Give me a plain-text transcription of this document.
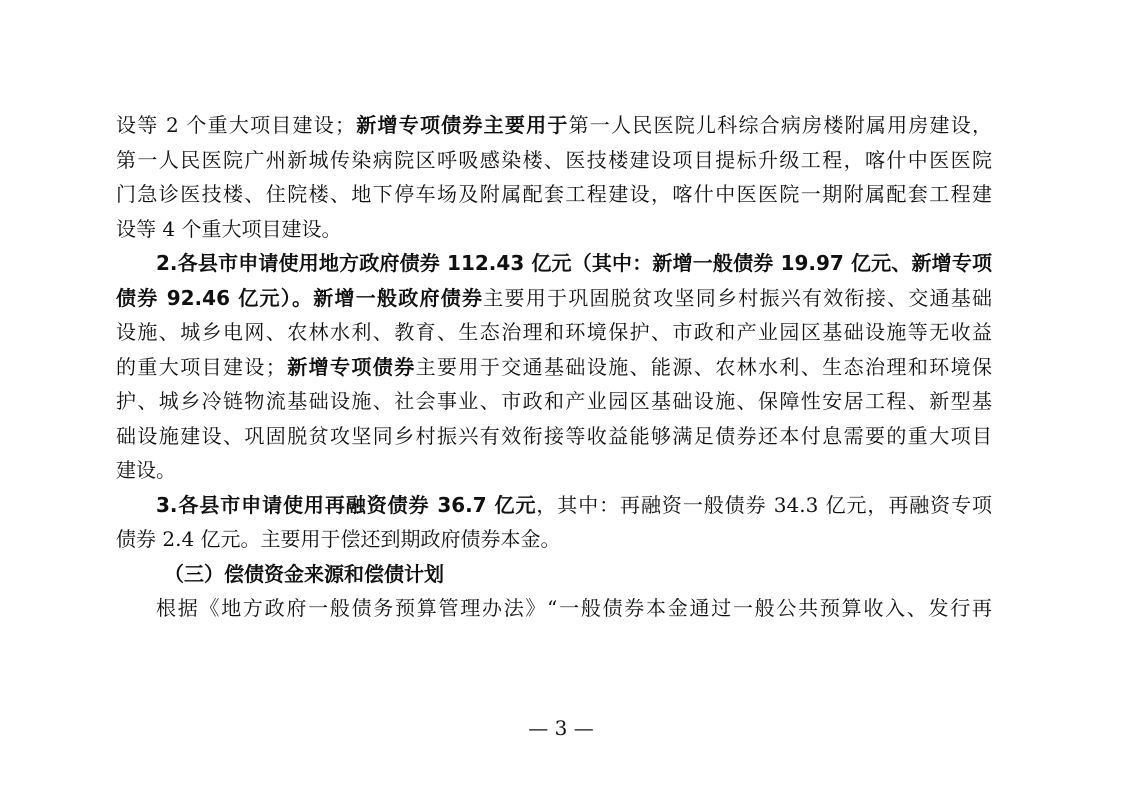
设等 2 个重大项目建设；新增专项债券主要用于第一人民医院儿科综合病房楼附属用房建设，
第一人民医院广州新城传染病院区呼吸感染楼、医技楼建设项目提标升级工程，喀什中医医院
门急诊医技楼、住院楼、地下停车场及附属配套工程建设，喀什中医医院一期附属配套工程建
设等 4 个重大项目建设。
2.各县市申请使用地方政府债券 112.43 亿元（其中：新增一般债券 19.97 亿元、新增专项
债券 92.46 亿元）。新增一般政府债券主要用于巩固脱贫攻坚同乡村振兴有效衔接、交通基础
设施、城乡电网、农林水利、教育、生态治理和环境保护、市政和产业园区基础设施等无收益
的重大项目建设；新增专项债券主要用于交通基础设施、能源、农林水利、生态治理和环境保
护、城乡冷链物流基础设施、社会事业、市政和产业园区基础设施、保障性安居工程、新型基
础设施建设、巩固脱贫攻坚同乡村振兴有效衔接等收益能够满足债券还本付息需要的重大项目
建设。
3.各县市申请使用再融资债券 36.7 亿元，其中：再融资一般债券 34.3 亿元，再融资专项
债券 2.4 亿元。主要用于偿还到期政府债券本金。
（三）偿债资金来源和偿债计划
根据《地方政府一般债务预算管理办法》“一般债券本金通过一般公共预算收入、发行再
— 3 —
